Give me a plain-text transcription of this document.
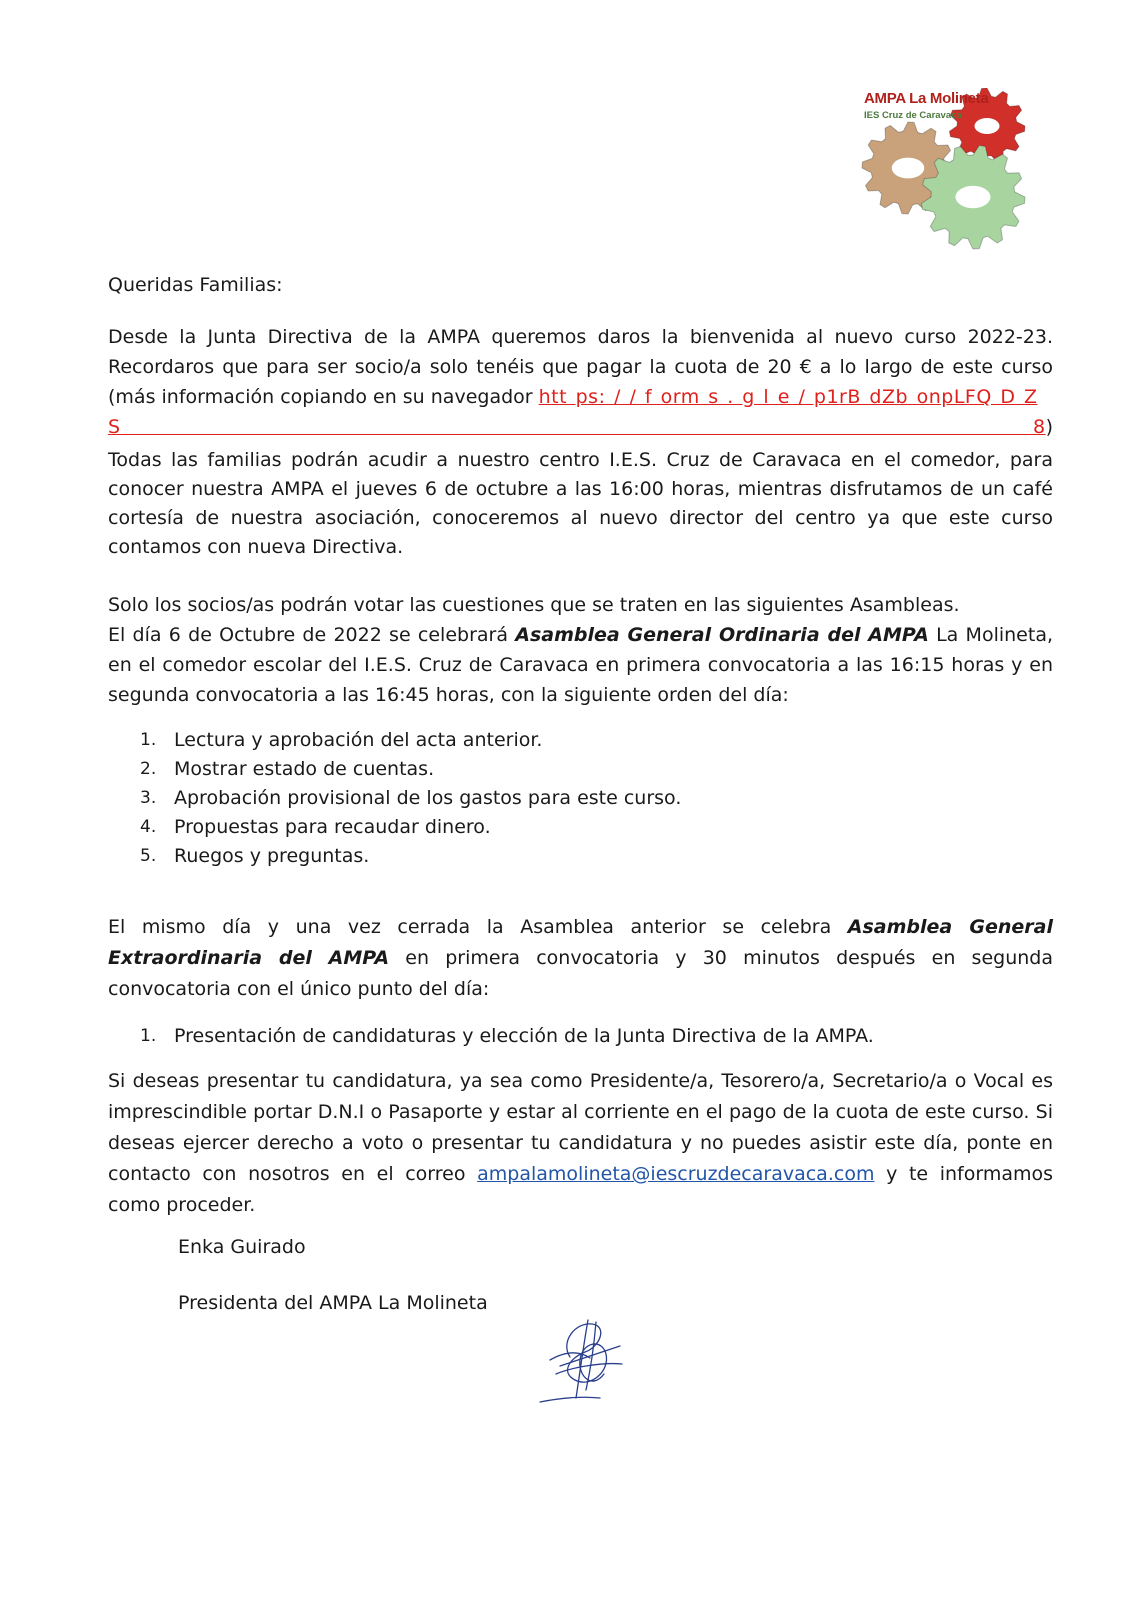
AMPA La Molineta
IES Cruz de Caravaca
Queridas Familias:
Desde la Junta Directiva de la AMPA queremos daros la bienvenida al nuevo curso 2022-23.
Recordaros que para ser socio/a solo tenéis que pagar la cuota de 20 € a lo largo de este curso
(más información copiando en su navegador htt ps: / / f orm s . g l e / p1rB dZb onpLFQ D Z S 8)

Todas las familias podrán acudir a nuestro centro I.E.S. Cruz de Caravaca en el comedor, para conocer nuestra AMPA el jueves 6 de octubre a las 16:00 horas, mientras disfrutamos de un café cortesía de nuestra asociación, conoceremos al nuevo director del centro ya que este curso contamos con nueva Directiva.

Solo los socios/as podrán votar las cuestiones que se traten en las siguientes Asambleas.

El día 6 de Octubre de 2022 se celebrará Asamblea General Ordinaria del AMPA La Molineta, en el comedor escolar del I.E.S. Cruz de Caravaca en primera convocatoria a las 16:15 horas y en segunda convocatoria a las 16:45 horas, con la siguiente orden del día:

1. Lectura y aprobación del acta anterior.
2. Mostrar estado de cuentas.
3. Aprobación provisional de los gastos para este curso.
4. Propuestas para recaudar dinero.
5. Ruegos y preguntas.

El mismo día y una vez cerrada la Asamblea anterior se celebra Asamblea General Extraordinaria del AMPA en primera convocatoria y 30 minutos después en segunda convocatoria con el único punto del día:

1. Presentación de candidaturas y elección de la Junta Directiva de la AMPA.

Si deseas presentar tu candidatura, ya sea como Presidente/a, Tesorero/a, Secretario/a o Vocal es imprescindible portar D.N.I o Pasaporte y estar al corriente en el pago de la cuota de este curso. Si deseas ejercer derecho a voto o presentar tu candidatura y no puedes asistir este día, ponte en contacto con nosotros en el correo ampalamolineta@iescruzdecaravaca.com y te informamos como proceder.

Enka Guirado
Presidenta del AMPA La Molineta
